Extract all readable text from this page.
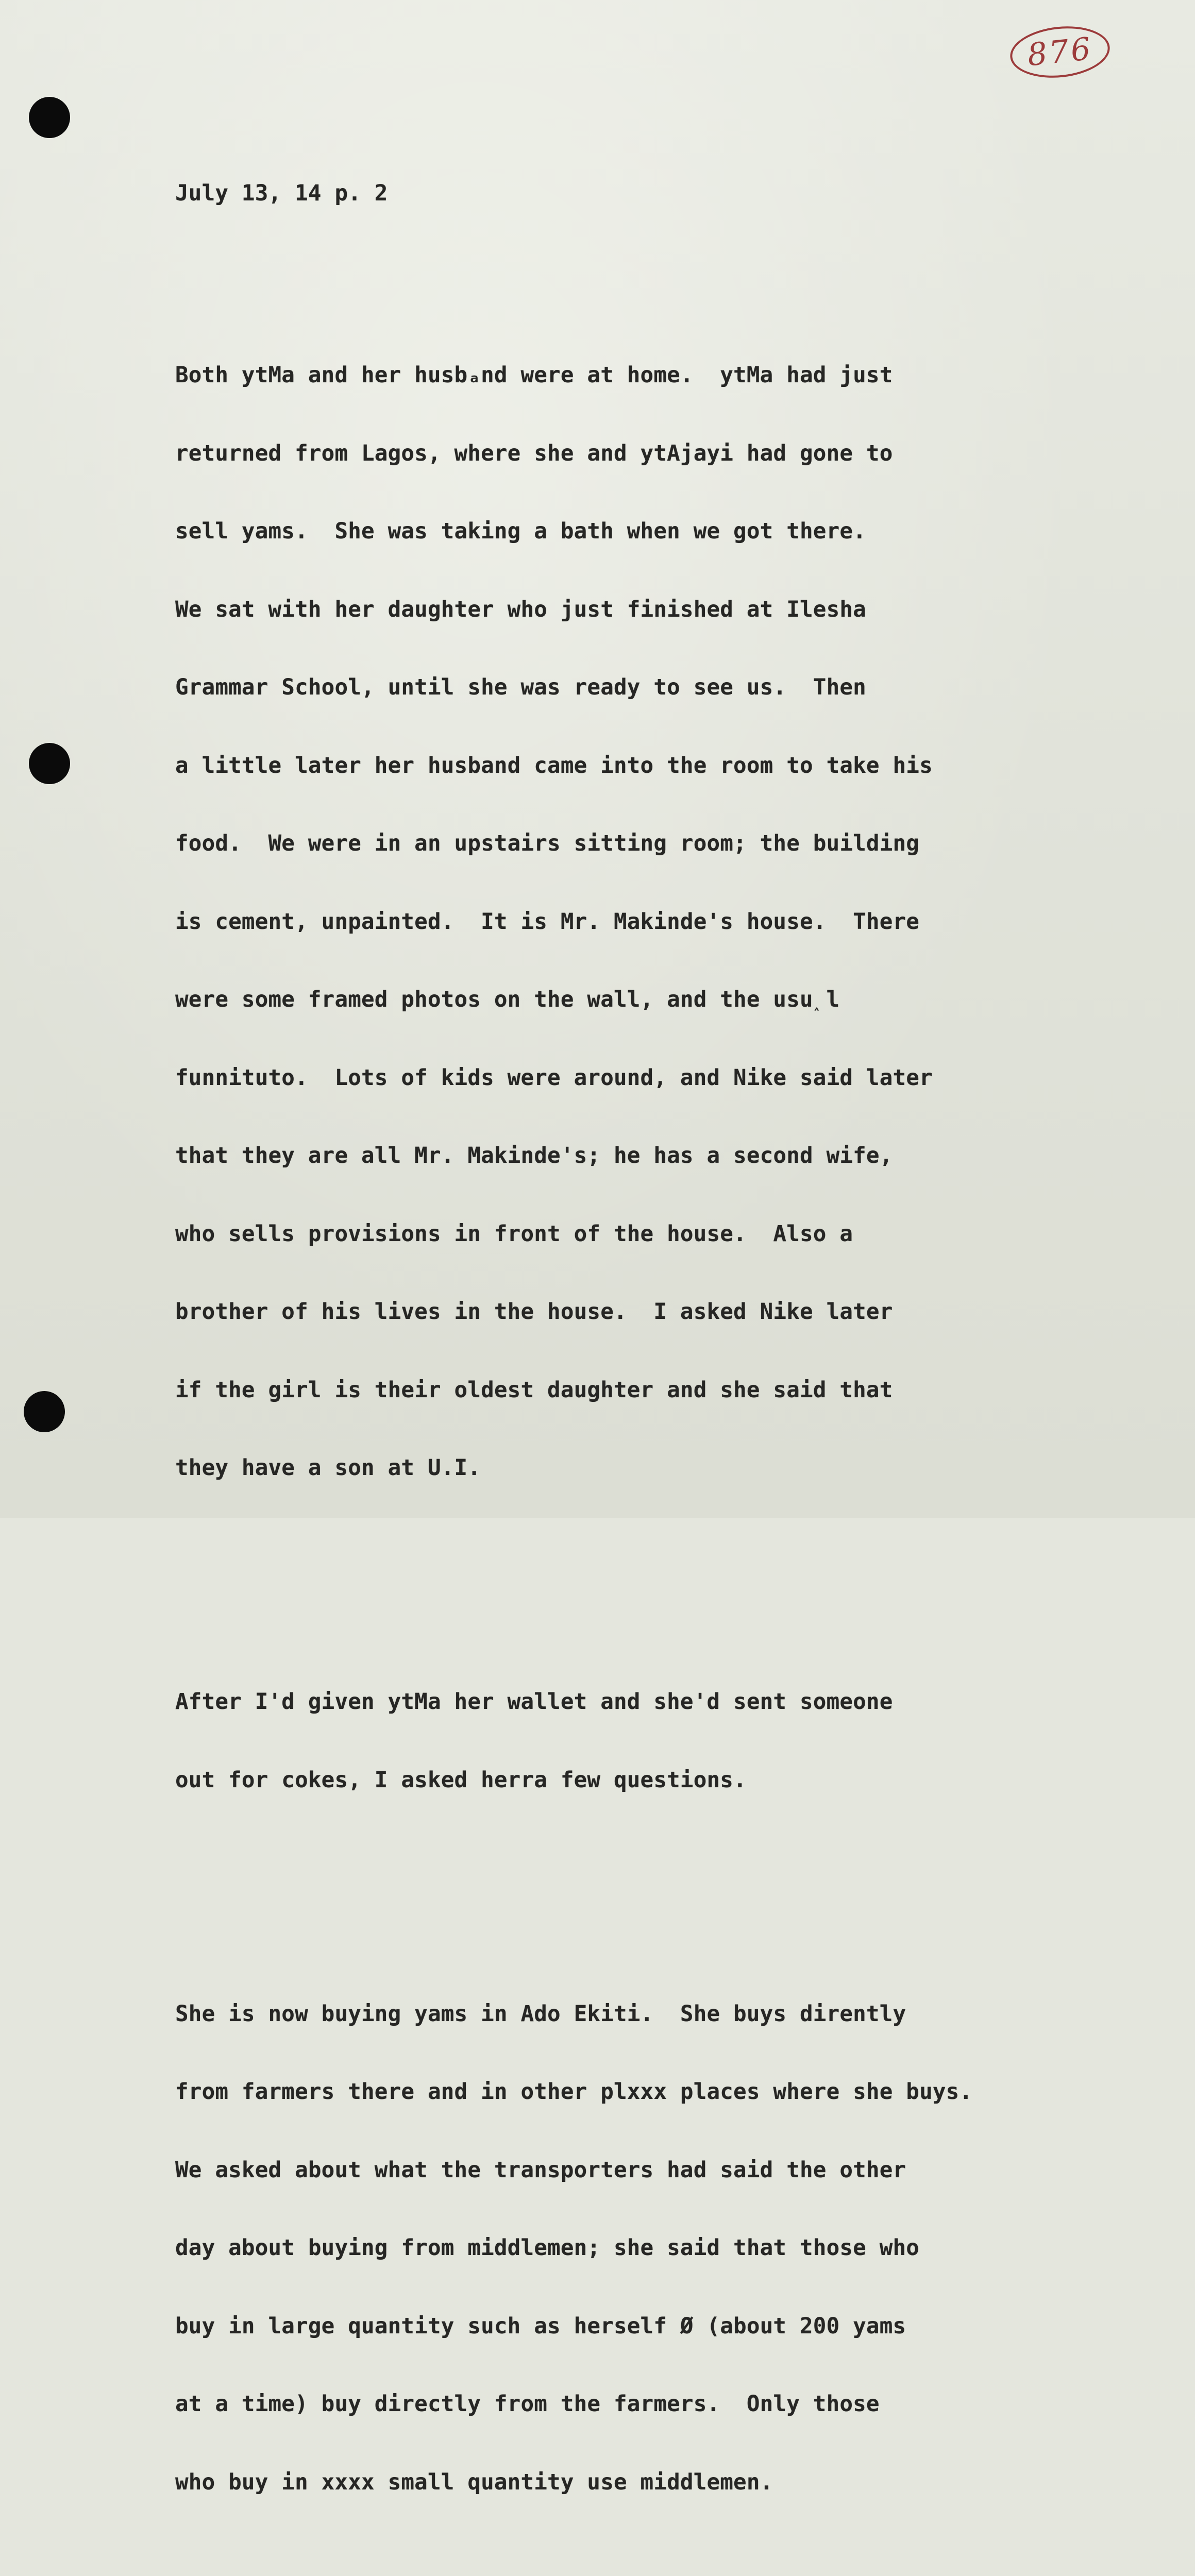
876

July 13, 14 p. 2

Both ytMa and her husbₐnd were at home.  ytMa had just

returned from Lagos, where she and ytAjayi had gone to

sell yams.  She was taking a bath when we got there.

We sat with her daughter who just finished at Ilesha

Grammar School, until she was ready to see us.  Then

a little later her husband came into the room to take his

food.  We were in an upstairs sitting room; the building

is cement, unpainted.  It is Mr. Makinde's house.  There

were some framed photos on the wall, and the usu˰l

funnituto.  Lots of kids were around, and Nike said later

that they are all Mr. Makinde's; he has a second wife,

who sells provisions in front of the house.  Also a

brother of his lives in the house.  I asked Nike later

if the girl is their oldest daughter and she said that

they have a son at U.I.

After I'd given ytMa her wallet and she'd sent someone

out for cokes, I asked herra few questions.

She is now buying yams in Ado Ekiti.  She buys dirently

from farmers there and in other plxxx places where she buys.

We asked about what the transporters had said the other

day about buying from middlemen; she said that those who

buy in large quantity such as herself Ø (about 200 yams

at a time) buy directly from the farmers.  Only those

who buy in xxxx small quantity use middlemen.
